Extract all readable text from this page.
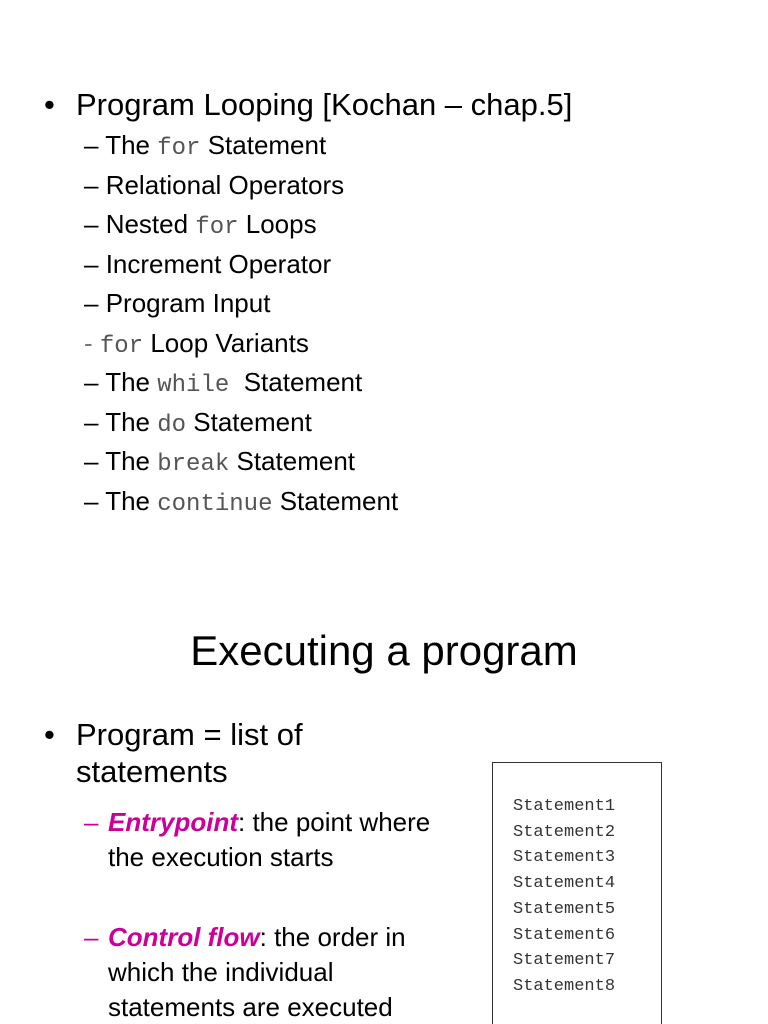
• Program Looping [Kochan – chap.5]
– The for Statement
– Relational Operators
– Nested for Loops
– Increment Operator
– Program Input
- for Loop Variants
– The while  Statement
– The do Statement
– The break Statement
– The continue Statement
Executing a program
• Program = list of statements
– Entrypoint: the point where the execution starts
– Control flow: the order in which the individual statements are executed
Statement1
Statement2
Statement3
Statement4
Statement5
Statement6
Statement7
Statement8
